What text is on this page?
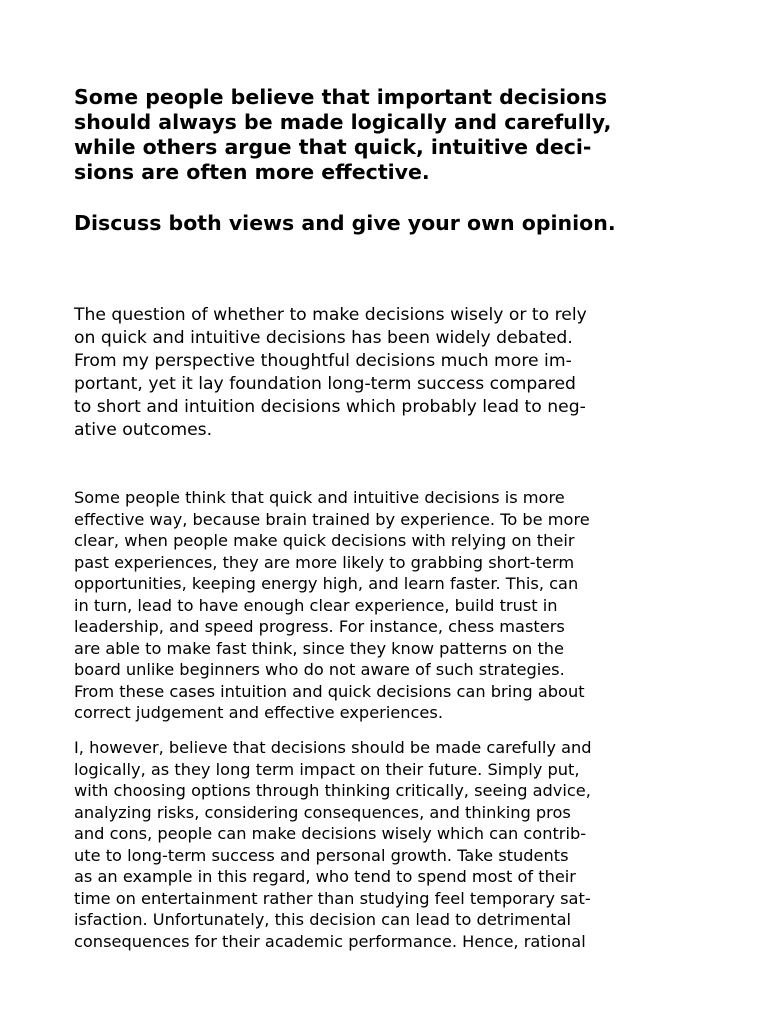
Some people believe that important decisions

should always be made logically and carefully,

while others argue that quick, intuitive deci-

sions are often more effective.

Discuss both views and give your own opinion.

The question of whether to make decisions wisely or to rely

on quick and intuitive decisions has been widely debated.

From my perspective thoughtful decisions much more im-

portant, yet it lay foundation long-term success compared

to short and intuition decisions which probably lead to neg-

ative outcomes.

Some people think that quick and intuitive decisions is more

effective way, because brain trained by experience. To be more

clear, when people make quick decisions with relying on their

past experiences, they are more likely to grabbing short-term

opportunities, keeping energy high, and learn faster. This, can

in turn, lead to have enough clear experience, build trust in

leadership, and speed progress. For instance, chess masters

are able to make fast think, since they know patterns on the

board unlike beginners who do not aware of such strategies.

From these cases intuition and quick decisions can bring about

correct judgement and effective experiences.

I, however, believe that decisions should be made carefully and

logically, as they long term impact on their future. Simply put,

with choosing options through thinking critically, seeing advice,

analyzing risks, considering consequences, and thinking pros

and cons, people can make decisions wisely which can contrib-

ute to long-term success and personal growth. Take students

as an example in this regard, who tend to spend most of their

time on entertainment rather than studying feel temporary sat-

isfaction. Unfortunately, this decision can lead to detrimental

consequences for their academic performance. Hence, rational
